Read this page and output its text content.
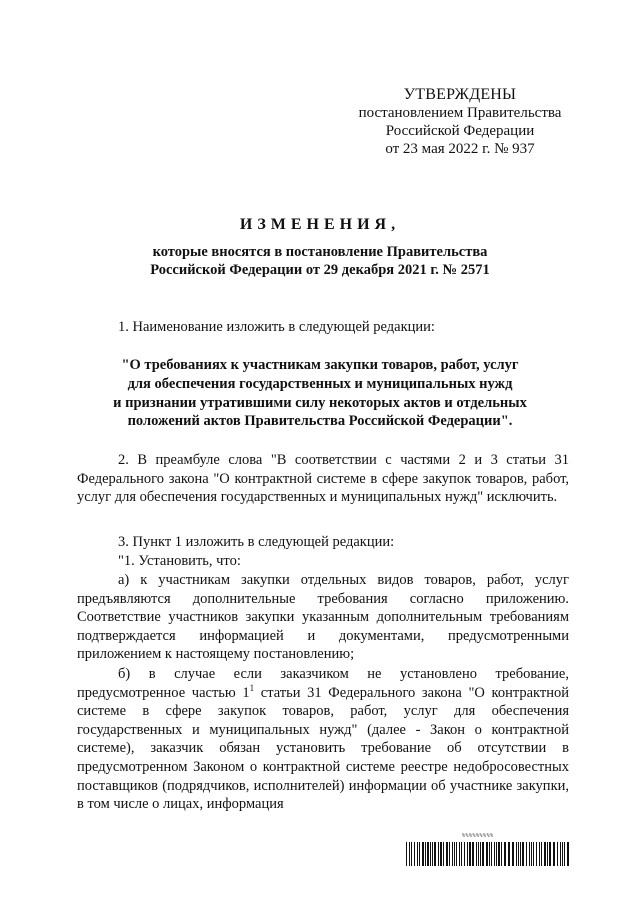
УТВЕРЖДЕНЫ
постановлением Правительства
Российской Федерации
от 23 мая 2022 г. № 937
ИЗМЕНЕНИЯ,
которые вносятся в постановление Правительства
Российской Федерации от 29 декабря 2021 г. № 2571
1. Наименование изложить в следующей редакции:
"О требованиях к участникам закупки товаров, работ, услуг
для обеспечения государственных и муниципальных нужд
и признании утратившими силу некоторых актов и отдельных
положений актов Правительства Российской Федерации".
2. В преамбуле слова "В соответствии с частями 2 и 3 статьи 31 Федерального закона "О контрактной системе в сфере закупок товаров, работ, услуг для обеспечения государственных и муниципальных нужд" исключить.
3. Пункт 1 изложить в следующей редакции:
"1. Установить, что:
а) к участникам закупки отдельных видов товаров, работ, услуг предъявляются дополнительные требования согласно приложению. Соответствие участников закупки указанным дополнительным требованиям подтверждается информацией и документами, предусмотренными приложением к настоящему постановлению;
б) в случае если заказчиком не установлено требование, предусмотренное частью $1^1$ статьи 31 Федерального закона "О контрактной системе в сфере закупок товаров, работ, услуг для обеспечения государственных и муниципальных нужд" (далее - Закон о контрактной системе), заказчик обязан установить требование об отсутствии в предусмотренном Законом о контрактной системе реестре недобросовестных поставщиков (подрядчиков, исполнителей) информации об участнике закупки, в том числе о лицах, информация
%%%%%%%%%
